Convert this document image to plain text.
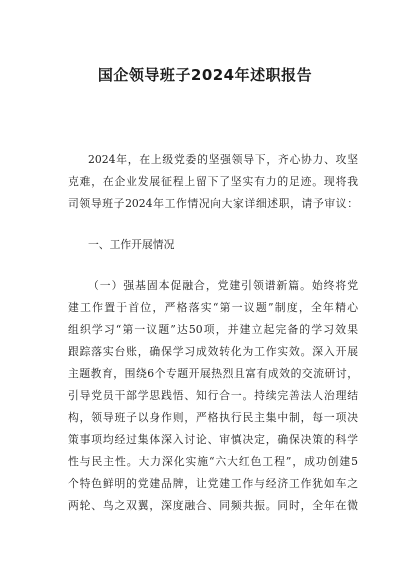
国企领导班子2024年述职报告
2024年，在上级党委的坚强领导下，齐心协力、攻坚
克难，在企业发展征程上留下了坚实有力的足迹。现将我
司领导班子2024年工作情况向大家详细述职，请予审议：
一、工作开展情况
（一）强基固本促融合，党建引领谱新篇。始终将党
建工作置于首位，严格落实“第一议题”制度，全年精心
组织学习“第一议题”达50项，并建立起完备的学习效果
跟踪落实台账，确保学习成效转化为工作实效。深入开展
主题教育，围绕6个专题开展热烈且富有成效的交流研讨，
引导党员干部学思践悟、知行合一。持续完善法人治理结
构，领导班子以身作则，严格执行民主集中制，每一项决
策事项均经过集体深入讨论、审慎决定，确保决策的科学
性与民主性。大力深化实施“六大红色工程”，成功创建5
个特色鲜明的党建品牌，让党建工作与经济工作犹如车之
两轮、鸟之双翼，深度融合、同频共振。同时，全年在微
